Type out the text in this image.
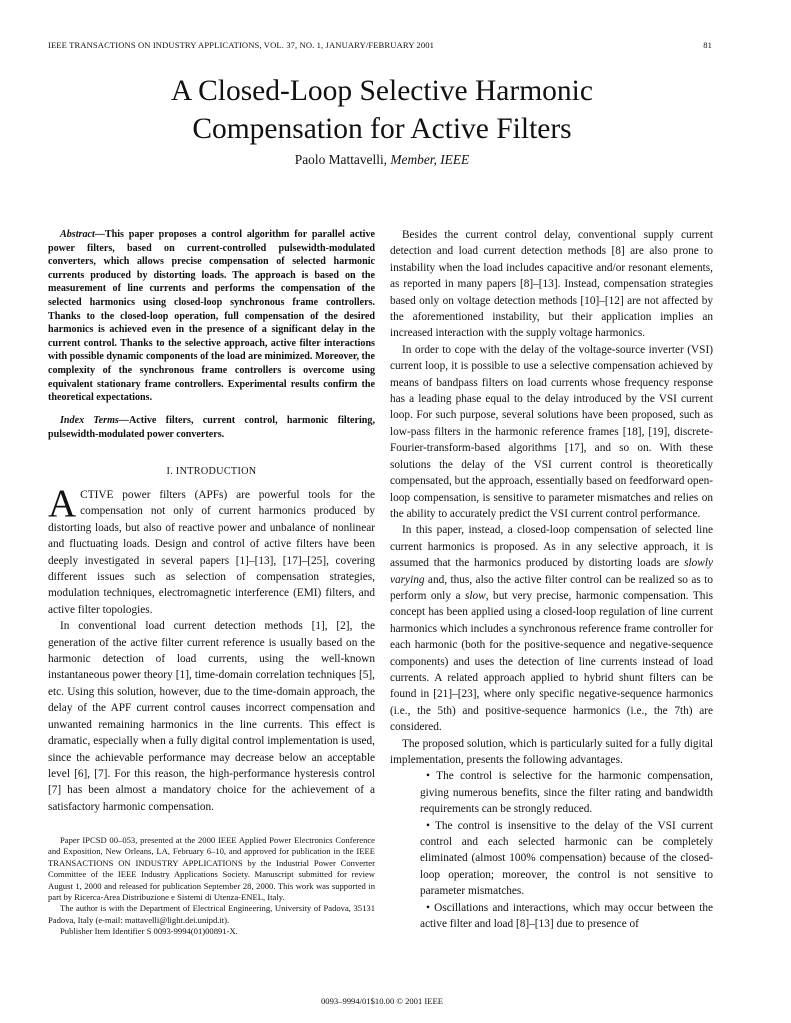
IEEE TRANSACTIONS ON INDUSTRY APPLICATIONS, VOL. 37, NO. 1, JANUARY/FEBRUARY 2001	81
A Closed-Loop Selective Harmonic
Compensation for Active Filters
Paolo Mattavelli, Member, IEEE

Abstract—This paper proposes a control algorithm for parallel active power filters, based on current-controlled pulsewidth-modulated converters, which allows precise compensation of selected harmonic currents produced by distorting loads. The approach is based on the measurement of line currents and performs the compensation of the selected harmonics using closed-loop synchronous frame controllers. Thanks to the closed-loop operation, full compensation of the desired harmonics is achieved even in the presence of a significant delay in the current control. Thanks to the selective approach, active filter interactions with possible dynamic components of the load are minimized. Moreover, the complexity of the synchronous frame controllers is overcome using equivalent stationary frame controllers. Experimental results confirm the theoretical expectations.

Index Terms—Active filters, current control, harmonic filtering, pulsewidth-modulated power converters.

I. INTRODUCTION

ACTIVE power filters (APFs) are powerful tools for the compensation not only of current harmonics produced by distorting loads, but also of reactive power and unbalance of nonlinear and fluctuating loads. Design and control of active filters have been deeply investigated in several papers [1]–[13], [17]–[25], covering different issues such as selection of compensation strategies, modulation techniques, electromagnetic interference (EMI) filters, and active filter topologies.

In conventional load current detection methods [1], [2], the generation of the active filter current reference is usually based on the harmonic detection of load currents, using the well-known instantaneous power theory [1], time-domain correlation techniques [5], etc. Using this solution, however, due to the time-domain approach, the delay of the APF current control causes incorrect compensation and unwanted remaining harmonics in the line currents. This effect is dramatic, especially when a fully digital control implementation is used, since the achievable performance may decrease below an acceptable level [6], [7]. For this reason, the high-performance hysteresis control [7] has been almost a mandatory choice for the achievement of a satisfactory harmonic compensation.

Paper IPCSD 00–053, presented at the 2000 IEEE Applied Power Electronics Conference and Exposition, New Orleans, LA, February 6–10, and approved for publication in the IEEE TRANSACTIONS ON INDUSTRY APPLICATIONS by the Industrial Power Converter Committee of the IEEE Industry Applications Society. Manuscript submitted for review August 1, 2000 and released for publication September 28, 2000. This work was supported in part by Ricerca-Area Distribuzione e Sistemi di Utenza-ENEL, Italy.

The author is with the Department of Electrical Engineering, University of Padova, 35131 Padova, Italy (e-mail: mattavelli@light.dei.unipd.it).

Publisher Item Identifier S 0093-9994(01)00891-X.

Besides the current control delay, conventional supply current detection and load current detection methods [8] are also prone to instability when the load includes capacitive and/or resonant elements, as reported in many papers [8]–[13]. Instead, compensation strategies based only on voltage detection methods [10]–[12] are not affected by the aforementioned instability, but their application implies an increased interaction with the supply voltage harmonics.

In order to cope with the delay of the voltage-source inverter (VSI) current loop, it is possible to use a selective compensation achieved by means of bandpass filters on load currents whose frequency response has a leading phase equal to the delay introduced by the VSI current loop. For such purpose, several solutions have been proposed, such as low-pass filters in the harmonic reference frames [18], [19], discrete-Fourier-transform-based algorithms [17], and so on. With these solutions the delay of the VSI current control is theoretically compensated, but the approach, essentially based on feedforward open-loop compensation, is sensitive to parameter mismatches and relies on the ability to accurately predict the VSI current control performance.

In this paper, instead, a closed-loop compensation of selected line current harmonics is proposed. As in any selective approach, it is assumed that the harmonics produced by distorting loads are slowly varying and, thus, also the active filter control can be realized so as to perform only a slow, but very precise, harmonic compensation. This concept has been applied using a closed-loop regulation of line current harmonics which includes a synchronous reference frame controller for each harmonic (both for the positive-sequence and negative-sequence components) and uses the detection of line currents instead of load currents. A related approach applied to hybrid shunt filters can be found in [21]–[23], where only specific negative-sequence harmonics (i.e., the 5th) and positive-sequence harmonics (i.e., the 7th) are considered.

The proposed solution, which is particularly suited for a fully digital implementation, presents the following advantages.

• The control is selective for the harmonic compensation, giving numerous benefits, since the filter rating and bandwidth requirements can be strongly reduced.
• The control is insensitive to the delay of the VSI current control and each selected harmonic can be completely eliminated (almost 100% compensation) because of the closed-loop operation; moreover, the control is not sensitive to parameter mismatches.
• Oscillations and interactions, which may occur between the active filter and load [8]–[13] due to presence of
0093–9994/01$10.00 © 2001 IEEE
